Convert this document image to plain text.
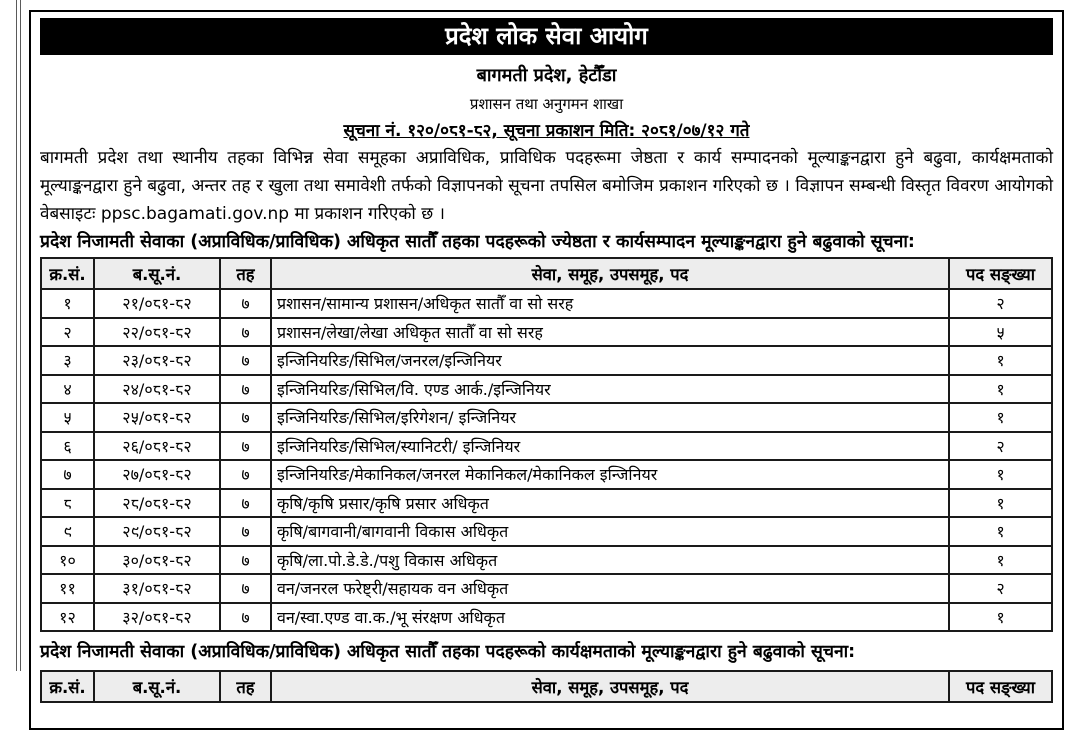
प्रदेश लोक सेवा आयोग
बागमती प्रदेश, हेटौँडा
प्रशासन तथा अनुगमन शाखा
सूचना नं. १२०/०८१-८२, सूचना प्रकाशन मिति: २०८१/०७/१२ गते
बागमती प्रदेश तथा स्थानीय तहका विभिन्न सेवा समूहका अप्राविधिक, प्राविधिक पदहरूमा जेष्ठता र कार्य सम्पादनको मूल्याङ्कनद्वारा हुने बढुवा, कार्यक्षमताको मूल्याङ्कनद्वारा हुने बढुवा, अन्तर तह र खुला तथा समावेशी तर्फको विज्ञापनको सूचना तपसिल बमोजिम प्रकाशन गरिएको छ । विज्ञापन सम्बन्धी विस्तृत विवरण आयोगको वेबसाइटः ppsc.bagamati.gov.np मा प्रकाशन गरिएको छ ।
प्रदेश निजामती सेवाका (अप्राविधिक/प्राविधिक) अधिकृत सातौँ तहका पदहरूको ज्येष्ठता र कार्यसम्पादन मूल्याङ्कनद्वारा हुने बढुवाको सूचना:
क्र.सं.	ब.सू.नं.	तह	सेवा, समूह, उपसमूह, पद	पद सङ्ख्या
१	२१/०८१-८२	७	प्रशासन/सामान्य प्रशासन/अधिकृत सातौँ वा सो सरह	२
२	२२/०८१-८२	७	प्रशासन/लेखा/लेखा अधिकृत सातौँ वा सो सरह	५
३	२३/०८१-८२	७	इन्जिनियरिङ/सिभिल/जनरल/इन्जिनियर	१
४	२४/०८१-८२	७	इन्जिनियरिङ/सिभिल/वि. एण्ड आर्क./इन्जिनियर	१
५	२५/०८१-८२	७	इन्जिनियरिङ/सिभिल/इरिगेशन/ इन्जिनियर	१
६	२६/०८१-८२	७	इन्जिनियरिङ/सिभिल/स्यानिटरी/ इन्जिनियर	२
७	२७/०८१-८२	७	इन्जिनियरिङ/मेकानिकल/जनरल मेकानिकल/मेकानिकल इन्जिनियर	१
८	२८/०८१-८२	७	कृषि/कृषि प्रसार/कृषि प्रसार अधिकृत	१
९	२९/०८१-८२	७	कृषि/बागवानी/बागवानी विकास अधिकृत	१
१०	३०/०८१-८२	७	कृषि/ला.पो.डे.डे./पशु विकास अधिकृत	१
११	३१/०८१-८२	७	वन/जनरल फरेष्ट्री/सहायक वन अधिकृत	२
१२	३२/०८१-८२	७	वन/स्वा.एण्ड वा.क./भू संरक्षण अधिकृत	१
प्रदेश निजामती सेवाका (अप्राविधिक/प्राविधिक) अधिकृत सातौँ तहका पदहरूको कार्यक्षमताको मूल्याङ्कनद्वारा हुने बढुवाको सूचना:
क्र.सं.	ब.सू.नं.	तह	सेवा, समूह, उपसमूह, पद	पद सङ्ख्या
